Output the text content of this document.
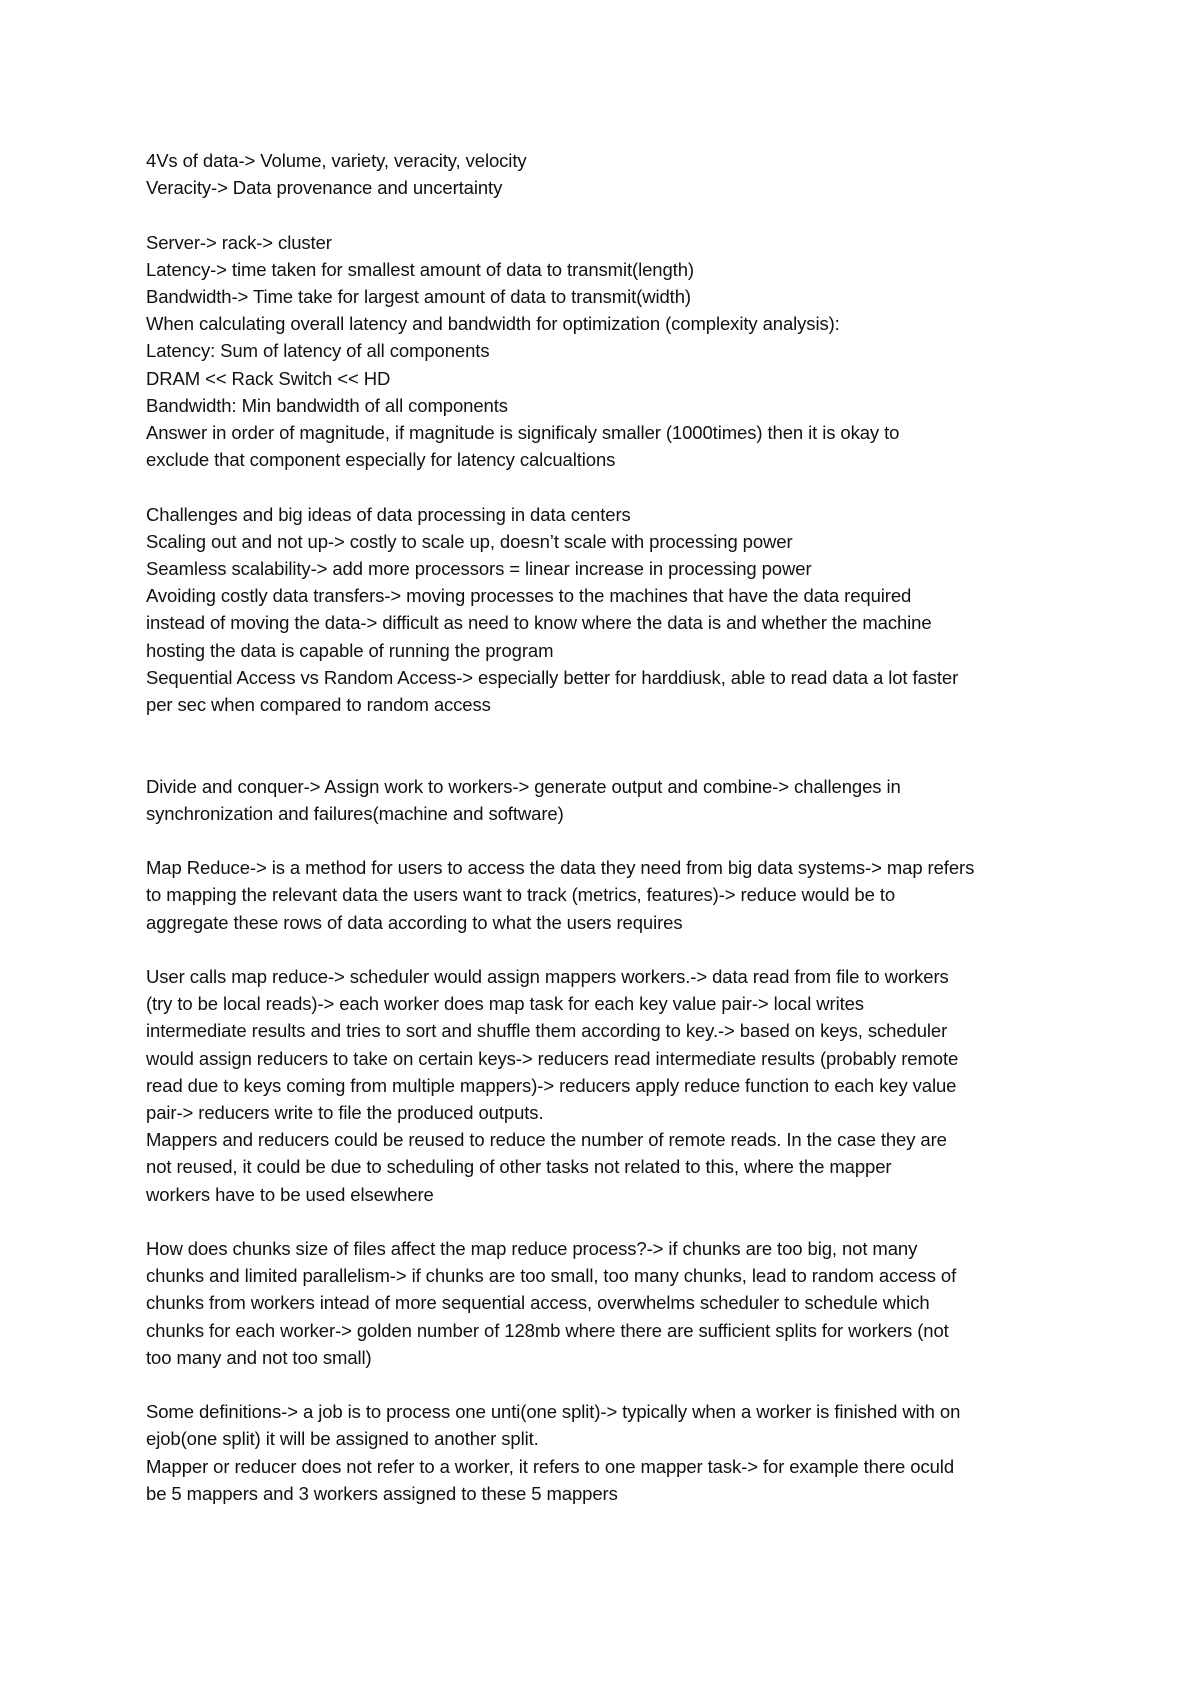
4Vs of data-> Volume, variety, veracity, velocity
Veracity-> Data provenance and uncertainty
Server-> rack-> cluster
Latency-> time taken for smallest amount of data to transmit(length)
Bandwidth-> Time take for largest amount of data to transmit(width)
When calculating overall latency and bandwidth for optimization (complexity analysis):
Latency: Sum of latency of all components
DRAM << Rack Switch << HD
Bandwidth: Min bandwidth of all components
Answer in order of magnitude, if magnitude is significaly smaller (1000times) then it is okay to
exclude that component especially for latency calcualtions
Challenges and big ideas of data processing in data centers
Scaling out and not up-> costly to scale up, doesn’t scale with processing power
Seamless scalability-> add more processors = linear increase in processing power
Avoiding costly data transfers-> moving processes to the machines that have the data required
instead of moving the data-> difficult as need to know where the data is and whether the machine
hosting the data is capable of running the program
Sequential Access vs Random Access-> especially better for harddiusk, able to read data a lot faster
per sec when compared to random access
Divide and conquer-> Assign work to workers-> generate output and combine-> challenges in
synchronization and failures(machine and software)
Map Reduce-> is a method for users to access the data they need from big data systems-> map refers
to mapping the relevant data the users want to track (metrics, features)-> reduce would be to
aggregate these rows of data according to what the users requires
User calls map reduce-> scheduler would assign mappers workers.-> data read from file to workers
(try to be local reads)-> each worker does map task for each key value pair-> local writes
intermediate results and tries to sort and shuffle them according to key.-> based on keys, scheduler
would assign reducers to take on certain keys-> reducers read intermediate results (probably remote
read due to keys coming from multiple mappers)-> reducers apply reduce function to each key value
pair-> reducers write to file the produced outputs.
Mappers and reducers could be reused to reduce the number of remote reads. In the case they are
not reused, it could be due to scheduling of other tasks not related to this, where the mapper
workers have to be used elsewhere
How does chunks size of files affect the map reduce process?-> if chunks are too big, not many
chunks and limited parallelism-> if chunks are too small, too many chunks, lead to random access of
chunks from workers intead of more sequential access, overwhelms scheduler to schedule which
chunks for each worker-> golden number of 128mb where there are sufficient splits for workers (not
too many and not too small)
Some definitions-> a job is to process one unti(one split)-> typically when a worker is finished with on
ejob(one split) it will be assigned to another split.
Mapper or reducer does not refer to a worker, it refers to one mapper task-> for example there oculd
be 5 mappers and 3 workers assigned to these 5 mappers
